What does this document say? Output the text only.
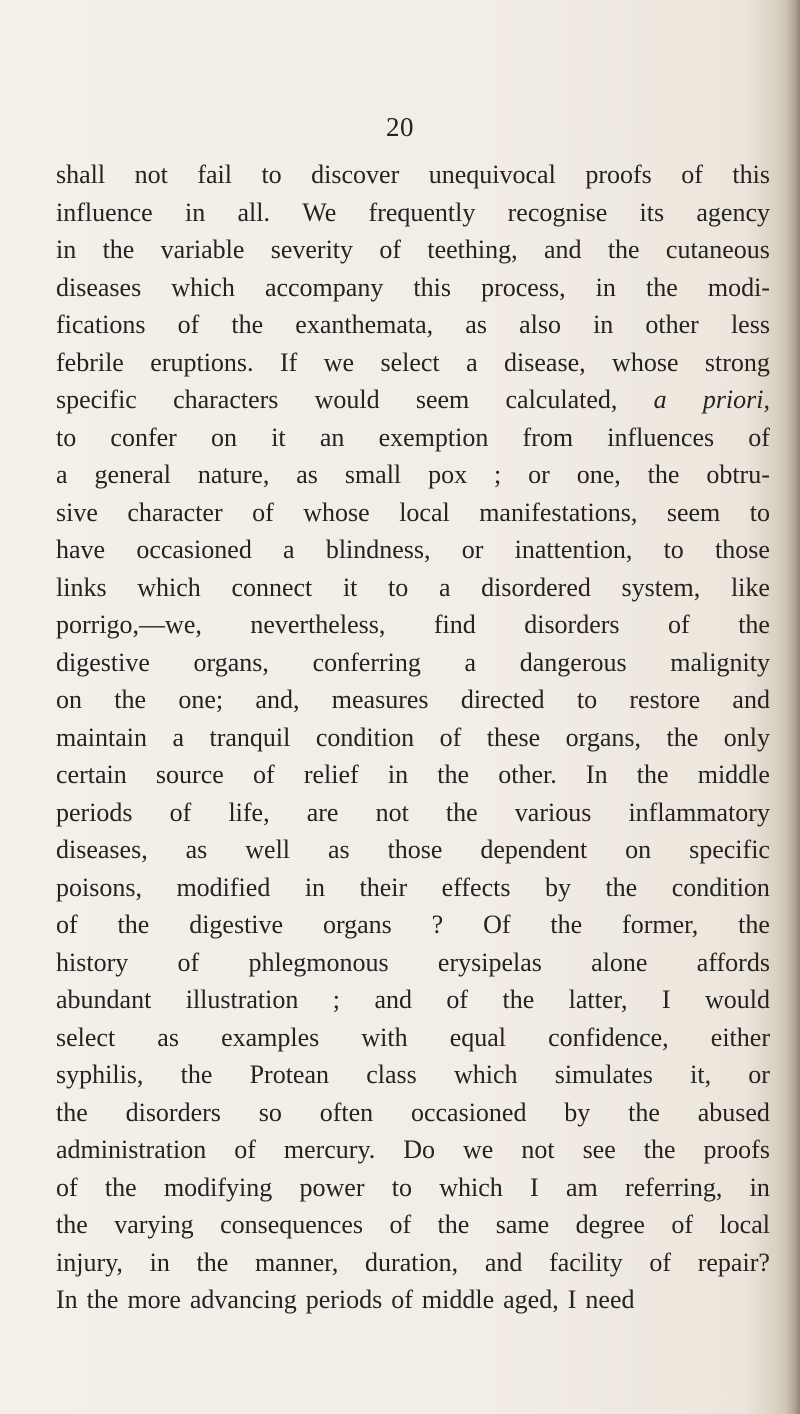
20
shall not fail to discover unequivocal proofs of this
influence in all. We frequently recognise its agency
in the variable severity of teething, and the cutaneous
diseases which accompany this process, in the modi-
fications of the exanthemata, as also in other less
febrile eruptions. If we select a disease, whose strong
specific characters would seem calculated, a priori,
to confer on it an exemption from influences of
a general nature, as small pox ; or one, the obtru-
sive character of whose local manifestations, seem to
have occasioned a blindness, or inattention, to those
links which connect it to a disordered system, like
porrigo,—we, nevertheless, find disorders of the
digestive organs, conferring a dangerous malignity
on the one; and, measures directed to restore and
maintain a tranquil condition of these organs, the only
certain source of relief in the other. In the middle
periods of life, are not the various inflammatory
diseases, as well as those dependent on specific
poisons, modified in their effects by the condition
of the digestive organs ? Of the former, the
history of phlegmonous erysipelas alone affords
abundant illustration ; and of the latter, I would
select as examples with equal confidence, either
syphilis, the Protean class which simulates it, or
the disorders so often occasioned by the abused
administration of mercury. Do we not see the proofs
of the modifying power to which I am referring, in
the varying consequences of the same degree of local
injury, in the manner, duration, and facility of repair?
In the more advancing periods of middle aged, I need
